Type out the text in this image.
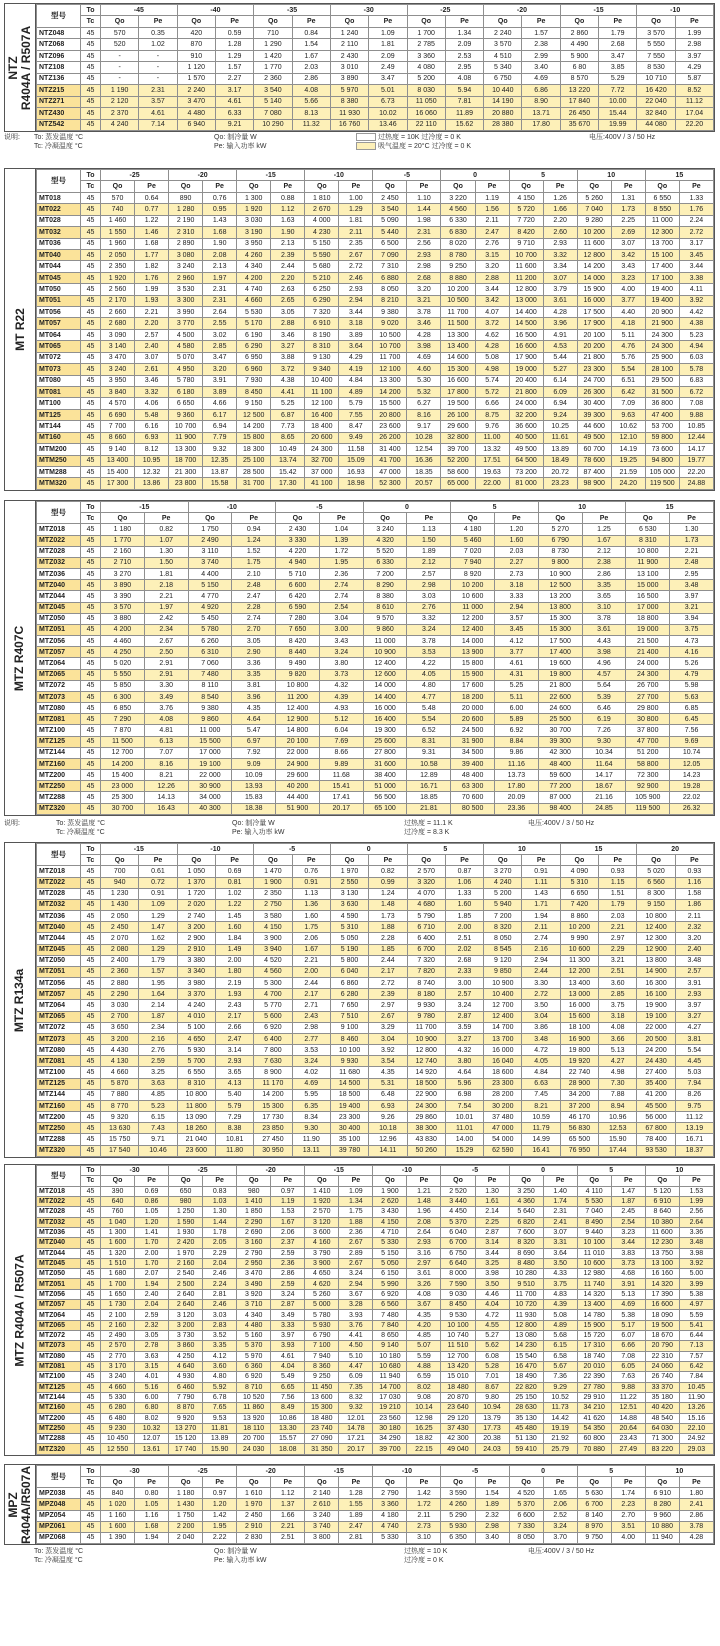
NTZ
R404A / R507A
型号	To	-45		-40		-35		-30		-25		-20		-15		-10	
	Tc	Qo	Pe	Qo	Pe	Qo	Pe	Qo	Pe	Qo	Pe	Qo	Pe	Qo	Pe	Qo	Pe
NTZ048	45	570	0.35	420	0.59	710	0.84	1 240	1.09	1 700	1.34	2 240	1.57	2 860	1.79	3 570	1.99
NTZ068	45	520	1.02	870	1.28	1 290	1.54	2 110	1.81	2 785	2.09	3 570	2.38	4 490	2.68	5 550	2.98
NTZ096	45	-	-	910	1.29	1 420	1.67	2 430	2.09	3 360	2.53	4 510	2.99	5 900	3.47	7 550	3.97
NTZ108	45	-	-	1 120	1.57	1 770	2.03	3 010	2.49	4 080	2.95	5 340	3.40	6 80	3.85	8 530	4.29
NTZ136	45	-	-	1 570	2.27	2 360	2.86	3 890	3.47	5 200	4.08	6 750	4.69	8 570	5.29	10 710	5.87
NTZ215	45	1 190	2.31	2 240	3.17	3 540	4.08	5 970	5.01	8 030	5.94	10 440	6.86	13 220	7.72	16 420	8.52
NTZ271	45	2 120	3.57	3 470	4.61	5 140	5.66	8 380	6.73	11 050	7.81	14 190	8.90	17 840	10.00	22 040	11.12
NTZ430	45	2 370	4.61	4 480	6.33	7 080	8.13	11 930	10.02	16 060	11.89	20 880	13.71	26 450	15.44	32 840	17.04
NTZ542	45	4 240	7.14	6 940	9.21	10 290	11.32	16 760	13.46	22 110	15.62	28 380	17.80	35 670	19.99	44 080	22.20
说明: To: 蒸发温度 °C
Tc: 冷凝温度 °C
Qo: 制冷量 W
Pe: 输入功率 kW
过热度 = 10K 过冷度 = 0 K
吸气温度 = 20°C 过冷度 = 0 K
电压:400V / 3 / 50 Hz
MT R22
型号	To	-25		-20		-15		-10		-5		0		5		10		15	
	Tc	Qo	Pe	Qo	Pe	Qo	Pe	Qo	Pe	Qo	Pe	Qo	Pe	Qo	Pe	Qo	Pe	Qo	Pe
MT018	45	570	0.64	890	0.76	1 300	0.88	1 810	1.00	2 450	1.10	3 220	1.19	4 150	1.26	5 260	1.31	6 550	1.33
MT022	45	740	0.77	1 280	0.95	1 920	1.12	2 670	1.29	3 540	1.44	4 560	1.56	5 720	1.66	7 040	1.73	8 550	1.76
MT028	45	1 460	1.22	2 190	1.43	3 030	1.63	4 000	1.81	5 090	1.98	6 330	2.11	7 720	2.20	9 280	2.25	11 000	2.24
MT032	45	1 550	1.46	2 310	1.68	3 190	1.90	4 230	2.11	5 440	2.31	6 830	2.47	8 420	2.60	10 200	2.69	12 300	2.72
MT036	45	1 960	1.68	2 890	1.90	3 950	2.13	5 150	2.35	6 500	2.56	8 020	2.76	9 710	2.93	11 600	3.07	13 700	3.17
MT040	45	2 050	1.77	3 080	2.08	4 260	2.39	5 590	2.67	7 090	2.93	8 780	3.15	10 700	3.32	12 800	3.42	15 100	3.45
MT044	45	2 350	1.82	3 240	2.13	4 340	2.44	5 680	2.72	7 310	2.98	9 250	3.20	11 600	3.34	14 200	3.43	17 400	3.44
MT045	45	1 920	1.76	2 960	1.97	4 200	2.20	5 210	2.46	6 880	2.68	8 880	2.88	11 200	3.07	14 000	3.23	17 100	3.38
MT050	45	2 560	1.99	3 530	2.31	4 740	2.63	6 250	2.93	8 050	3.20	10 200	3.44	12 800	3.79	15 900	4.00	19 400	4.11
MT051	45	2 170	1.93	3 300	2.31	4 660	2.65	6 290	2.94	8 210	3.21	10 500	3.42	13 000	3.61	16 000	3.77	19 400	3.92
MT056	45	2 660	2.21	3 990	2.64	5 530	3.05	7 320	3.44	9 380	3.78	11 700	4.07	14 400	4.28	17 500	4.40	20 900	4.42
MT057	45	2 680	2.20	3 770	2.55	5 170	2.88	6 910	3.18	9 020	3.46	11 500	3.72	14 500	3.96	17 900	4.18	21 900	4.38
MT064	45	3 090	2.57	4 500	3.02	6 190	3.46	8 190	3.89	10 500	4.28	13 300	4.62	16 500	4.91	20 100	5.11	24 300	5.23
MT065	45	3 140	2.40	4 580	2.85	6 290	3.27	8 310	3.64	10 700	3.98	13 400	4.28	16 600	4.53	20 200	4.76	24 300	4.94
MT072	45	3 470	3.07	5 070	3.47	6 950	3.88	9 130	4.29	11 700	4.69	14 600	5.08	17 900	5.44	21 800	5.76	25 900	6.03
MT073	45	3 240	2.61	4 950	3.20	6 960	3.72	9 340	4.19	12 100	4.60	15 300	4.98	19 000	5.27	23 300	5.54	28 100	5.78
MT080	45	3 950	3.46	5 780	3.91	7 930	4.38	10 400	4.84	13 300	5.30	16 600	5.74	20 400	6.14	24 700	6.51	29 500	6.83
MT081	45	3 840	3.32	6 180	3.89	8 450	4.41	11 100	4.89	14 200	5.32	17 800	5.72	21 800	6.09	26 300	6.42	31 500	6.72
MT100	45	4 570	4.06	6 650	4.66	9 150	5.25	12 100	5.79	15 500	6.27	19 500	6.66	24 000	6.94	30 400	7.09	36 800	7.08
MT125	45	6 690	5.48	9 360	6.17	12 500	6.87	16 400	7.55	20 800	8.16	26 100	8.75	32 200	9.24	39 300	9.63	47 400	9.88
MT144	45	7 700	6.16	10 700	6.94	14 200	7.73	18 400	8.47	23 600	9.17	29 600	9.76	36 600	10.25	44 600	10.62	53 700	10.85
MT160	45	8 660	6.93	11 900	7.79	15 800	8.65	20 600	9.49	26 200	10.28	32 800	11.00	40 500	11.61	49 500	12.10	59 800	12.44
MTM200	45	9 140	8.12	13 300	9.32	18 300	10.49	24 300	11.58	31 400	12.54	39 700	13.32	49 500	13.89	60 700	14.19	73 600	14.17
MTM250	45	13 400	10.95	18 700	12.35	25 100	13.74	32 700	15.09	41 700	16.36	52 200	17.51	64 500	18.49	78 600	19.25	94 800	19.77
MTM288	45	15 400	12.32	21 300	13.87	28 500	15.42	37 000	16.93	47 000	18.35	58 600	19.63	73 200	20.72	87 400	21.59	105 000	22.20
MTM320	45	17 300	13.86	23 800	15.58	31 700	17.30	41 100	18.98	52 300	20.57	65 000	22.00	81 000	23.23	98 900	24.20	119 500	24.88
MTZ R407C
型号	To	-15		-10		-5		0		5		10		15	
	Tc	Qo	Pe	Qo	Pe	Qo	Pe	Qo	Pe	Qo	Pe	Qo	Pe	Qo	Pe
MTZ018	45	1 180	0.82	1 750	0.94	2 430	1.04	3 240	1.13	4 180	1.20	5 270	1.25	6 530	1.30
MTZ022	45	1 770	1.07	2 490	1.24	3 330	1.39	4 320	1.50	5 460	1.60	6 790	1.67	8 310	1.73
MTZ028	45	2 160	1.30	3 110	1.52	4 220	1.72	5 520	1.89	7 020	2.03	8 730	2.12	10 800	2.21
MTZ032	45	2 710	1.50	3 740	1.75	4 940	1.95	6 330	2.12	7 940	2.27	9 800	2.38	11 900	2.48
MTZ036	45	3 270	1.81	4 400	2.10	5 710	2.36	7 200	2.57	8 920	2.73	10 900	2.86	13 100	2.95
MTZ040	45	3 890	2.18	5 150	2.48	6 600	2.74	8 290	2.98	10 200	3.18	12 500	3.35	15 000	3.48
MTZ044	45	3 390	2.21	4 770	2.47	6 420	2.74	8 380	3.03	10 600	3.33	13 200	3.65	16 500	3.97
MTZ045	45	3 570	1.97	4 920	2.28	6 590	2.54	8 610	2.76	11 000	2.94	13 800	3.10	17 000	3.21
MTZ050	45	3 880	2.42	5 450	2.74	7 280	3.04	9 570	3.32	12 200	3.57	15 300	3.78	18 800	3.94
MTZ051	45	4 200	2.34	5 780	2.70	7 650	3.00	9 860	3.24	12 400	3.45	15 300	3.61	19 000	3.75
MTZ056	45	4 460	2.67	6 260	3.05	8 420	3.43	11 000	3.78	14 000	4.12	17 500	4.43	21 500	4.73
MTZ057	45	4 250	2.50	6 310	2.90	8 440	3.24	10 900	3.53	13 900	3.77	17 400	3.98	21 400	4.16
MTZ064	45	5 020	2.91	7 060	3.36	9 490	3.80	12 400	4.22	15 800	4.61	19 600	4.96	24 000	5.26
MTZ065	45	5 550	2.91	7 480	3.35	9 820	3.73	12 600	4.05	15 900	4.31	19 800	4.57	24 300	4.79
MTZ072	45	5 850	3.30	8 110	3.81	10 800	4.32	14 000	4.80	17 600	5.25	21 800	5.64	26 700	5.98
MTZ073	45	6 300	3.49	8 540	3.96	11 200	4.39	14 400	4.77	18 200	5.11	22 600	5.39	27 700	5.63
MTZ080	45	6 850	3.76	9 380	4.35	12 400	4.93	16 000	5.48	20 000	6.00	24 600	6.46	29 800	6.85
MTZ081	45	7 290	4.08	9 860	4.64	12 900	5.12	16 400	5.54	20 600	5.89	25 500	6.19	30 800	6.45
MTZ100	45	7 870	4.81	11 000	5.47	14 800	6.04	19 300	6.52	24 500	6.92	30 700	7.26	37 800	7.56
MTZ125	45	11 500	6.13	15 500	6.97	20 100	7.69	25 600	8.31	31 900	8.84	39 300	9.30	47 700	9.69
MTZ144	45	12 700	7.07	17 000	7.92	22 000	8.66	27 800	9.31	34 500	9.86	42 300	10.34	51 200	10.74
MTZ160	45	14 200	8.16	19 100	9.09	24 900	9.89	31 600	10.58	39 400	11.16	48 400	11.64	58 800	12.05
MTZ200	45	15 400	8.21	22 000	10.09	29 600	11.68	38 400	12.89	48 400	13.73	59 600	14.17	72 300	14.23
MTZ250	45	23 000	12.26	30 900	13.93	40 200	15.41	51 000	16.71	63 300	17.80	77 200	18.67	92 900	19.28
MTZ288	45	25 300	14.13	34 000	15.83	44 400	17.41	56 500	18.85	70 600	20.09	87 000	21.16	105 900	22.02
MTZ320	45	30 700	16.43	40 300	18.38	51 900	20.17	65 100	21.81	80 500	23.36	98 400	24.85	119 500	26.32
说明:	To: 蒸发温度 °C
Tc: 冷凝温度 °C
Qo: 制冷量 W
Pe: 输入功率 kW
过热度 = 11.1 K
过冷度 = 8.3 K
电压:400V / 3 / 50 Hz
MTZ R134a
型号	To	-15		-10		-5		0		5		10		15		20	
	Tc	Qo	Pe	Qo	Pe	Qo	Pe	Qo	Pe	Qo	Pe	Qo	Pe	Qo	Pe	Qo	Pe
MTZ018	45	700	0.61	1 050	0.69	1 470	0.76	1 970	0.82	2 570	0.87	3 270	0.91	4 090	0.93	5 020	0.93
MTZ022	45	940	0.72	1 370	0.81	1 900	0.91	2 550	0.99	3 320	1.06	4 240	1.11	5 310	1.15	6 560	1.16
MTZ028	45	1 230	0.91	1 720	1.02	2 350	1.13	3 130	1.24	4 070	1.33	5 200	1.43	6 650	1.51	8 300	1.58
MTZ032	45	1 430	1.09	2 020	1.22	2 750	1.36	3 630	1.48	4 680	1.60	5 940	1.71	7 420	1.79	9 150	1.86
MTZ036	45	2 050	1.29	2 740	1.45	3 580	1.60	4 590	1.73	5 790	1.85	7 200	1.94	8 860	2.03	10 800	2.11
MTZ040	45	2 450	1.47	3 200	1.60	4 150	1.75	5 310	1.88	6 710	2.00	8 320	2.11	10 200	2.21	12 400	2.32
MTZ044	45	2 070	1.62	2 900	1.84	3 900	2.06	5 050	2.28	6 400	2.51	8 050	2.74	9 990	2.97	12 300	3.20
MTZ045	45	2 080	1.29	2 910	1.49	3 940	1.67	5 190	1.85	6 700	2.02	8 545	2.16	10 600	2.29	12 900	2.40
MTZ050	45	2 400	1.79	3 380	2.00	4 520	2.21	5 800	2.44	7 320	2.68	9 120	2.94	11 300	3.21	13 800	3.48
MTZ051	45	2 360	1.57	3 340	1.80	4 560	2.00	6 040	2.17	7 820	2.33	9 850	2.44	12 200	2.51	14 900	2.57
MTZ056	45	2 880	1.95	3 980	2.19	5 300	2.44	6 860	2.72	8 740	3.00	10 900	3.30	13 400	3.60	16 300	3.91
MTZ057	45	2 290	1.64	3 370	1.93	4 700	2.17	6 280	2.39	8 180	2.57	10 400	2.72	13 000	2.85	16 100	2.93
MTZ064	45	3 030	2.14	4 240	2.43	5 770	2.71	7 650	2.97	9 930	3.24	12 700	3.50	16 000	3.75	19 900	3.97
MTZ065	45	2 700	1.87	4 010	2.17	5 600	2.43	7 510	2.67	9 780	2.87	12 400	3.04	15 600	3.18	19 100	3.27
MTZ072	45	3 650	2.34	5 100	2.66	6 920	2.98	9 100	3.29	11 700	3.59	14 700	3.86	18 100	4.08	22 000	4.27
MTZ073	45	3 200	2.16	4 650	2.47	6 400	2.77	8 460	3.04	10 900	3.27	13 700	3.48	16 900	3.66	20 500	3.81
MTZ080	45	4 430	2.76	5 930	3.14	7 800	3.53	10 100	3.92	12 800	4.32	16 000	4.72	19 800	5.13	24 200	5.54
MTZ081	45	4 130	2.59	5 700	2.93	7 630	3.24	9 930	3.54	12 740	3.80	16 040	4.05	19 920	4.27	24 430	4.45
MTZ100	45	4 660	3.25	6 550	3.65	8 900	4.02	11 680	4.35	14 920	4.64	18 600	4.84	22 740	4.98	27 400	5.03
MTZ125	45	5 870	3.63	8 310	4.13	11 170	4.69	14 500	5.31	18 500	5.96	23 300	6.63	28 900	7.30	35 400	7.94
MTZ144	45	7 880	4.85	10 800	5.40	14 200	5.95	18 500	6.48	22 900	6.98	28 200	7.45	34 200	7.88	41 200	8.26
MTZ160	45	8 770	5.23	11 800	5.79	15 300	6.35	19 400	6.93	24 300	7.54	30 200	8.21	37 200	8.94	45 500	9.75
MTZ200	45	9 320	6.15	13 090	7.29	17 730	8.34	23 300	9.26	29 860	10.01	37 480	10.59	46 170	10.96	56 000	11.12
MTZ250	45	13 630	7.43	18 260	8.38	23 850	9.30	30 400	10.18	38 300	11.01	47 000	11.79	56 830	12.53	67 800	13.19
MTZ288	45	15 750	9.71	21 040	10.81	27 450	11.90	35 100	12.96	43 830	14.00	54 000	14.99	65 500	15.90	78 400	16.71
MTZ320	45	17 540	10.46	23 600	11.80	30 950	13.11	39 780	14.11	50 260	15.29	62 590	16.41	76 950	17.44	93 530	18.37
MTZ R404A / R507A
型号	To	-30		-25		-20		-15		-10		-5		0		5		10	
	Tc	Qo	Pe	Qo	Pe	Qo	Pe	Qo	Pe	Qo	Pe	Qo	Pe	Qo	Pe	Qo	Pe	Qo	Pe
MTZ018	45	390	0.69	650	0.83	980	0.97	1 410	1.09	1 900	1.21	2 520	1.30	3 250	1.40	4 110	1.47	5 120	1.53
MTZ022	45	640	0.86	980	1.03	1 410	1.19	1 920	1.34	2 620	1.48	3 440	1.61	4 360	1.74	5 530	1.87	6 910	1.99
MTZ028	45	760	1.05	1 250	1.30	1 850	1.53	2 570	1.75	3 430	1.96	4 450	2.14	5 640	2.31	7 040	2.45	8 640	2.56
MTZ032	45	1 040	1.20	1 590	1.44	2 290	1.67	3 120	1.88	4 150	2.08	5 370	2.25	6 820	2.41	8 490	2.54	10 380	2.64
MTZ036	45	1 300	1.41	1 930	1.78	2 690	2.06	3 600	2.36	4 710	2.64	6 040	2.87	7 600	3.07	9 440	3.23	11 600	3.36
MTZ040	45	1 600	1.70	2 420	2.05	3 160	2.37	4 160	2.67	5 330	2.93	6 700	3.14	8 320	3.31	10 100	3.44	12 230	3.48
MTZ044	45	1 320	2.00	1 970	2.29	2 790	2.59	3 790	2.89	5 150	3.16	6 750	3.44	8 690	3.64	11 010	3.83	13 750	3.98
MTZ045	45	1 510	1.70	2 160	2.04	2 950	2.36	3 900	2.67	5 050	2.97	6 640	3.25	8 480	3.50	10 600	3.73	13 100	3.92
MTZ050	45	1 680	2.07	2 540	2.46	3 470	2.86	4 650	3.24	6 150	3.61	8 000	3.98	10 280	4.33	12 980	4.68	16 160	5.00
MTZ051	45	1 700	1.94	2 500	2.24	3 490	2.59	4 620	2.94	5 990	3.26	7 590	3.50	9 510	3.75	11 740	3.91	14 320	3.99
MTZ056	45	1 650	2.40	2 640	2.81	3 920	3.24	5 260	3.67	6 920	4.08	9 030	4.46	11 700	4.83	14 320	5.13	17 390	5.38
MTZ057	45	1 730	2.04	2 640	2.46	3 710	2.87	5 000	3.28	6 560	3.67	8 450	4.04	10 720	4.39	13 400	4.69	16 600	4.97
MTZ064	45	2 100	2.59	3 120	3.03	4 340	3.49	5 780	3.93	7 480	4.35	9 530	4.72	11 930	5.08	14 780	5.38	18 090	5.59
MTZ065	45	2 160	2.32	3 200	2.83	4 480	3.33	5 930	3.76	7 840	4.20	10 100	4.55	12 800	4.89	15 900	5.17	19 500	5.41
MTZ072	45	2 490	3.05	3 730	3.52	5 160	3.97	6 790	4.41	8 650	4.85	10 740	5.27	13 080	5.68	15 720	6.07	18 670	6.44
MTZ073	45	2 570	2.78	3 860	3.35	5 370	3.93	7 100	4.50	9 140	5.07	11 510	5.62	14 230	6.15	17 310	6.66	20 790	7.13
MTZ080	45	2 770	3.63	4 250	4.12	5 970	4.61	7 940	5.10	10 180	5.59	12 700	6.08	15 540	6.58	18 740	7.08	22 310	7.57
MTZ081	45	3 170	3.15	4 640	3.60	6 360	4.04	8 360	4.47	10 680	4.88	13 420	5.28	16 470	5.67	20 010	6.05	24 060	6.42
MTZ100	45	3 240	4.01	4 930	4.80	6 920	5.49	9 250	6.09	11 940	6.59	15 010	7.01	18 490	7.36	22 390	7.63	26 740	7.84
MTZ125	45	4 660	5.16	6 460	5.92	8 710	6.65	11 450	7.35	14 700	8.02	18 480	8.67	22 820	9.29	27 780	9.88	33 370	10.45
MTZ144	45	5 330	6.00	7 790	6.78	10 520	7.56	13 600	8.32	17 030	9.08	20 870	9.80	25 150	10.52	29 910	11.22	35 180	11.90
MTZ160	45	6 280	6.80	8 870	7.65	11 860	8.49	15 300	9.32	19 210	10.14	23 640	10.94	28 630	11.73	34 210	12.51	40 420	13.26
MTZ200	45	6 480	8.02	9 920	9.53	13 920	10.86	18 480	12.01	23 560	12.98	29 120	13.79	35 130	14.42	41 620	14.88	48 540	15.16
MTZ250	45	9 230	10.32	13 270	11.81	18 110	13.30	23 740	14.78	30 180	16.25	37 430	17.73	45 480	19.19	54 350	20.64	64 030	22.10
MTZ288	45	10 450	12.07	15 120	13.89	20 700	15.57	27 090	17.21	34 290	18.82	42 300	20.38	51 130	21.92	60 800	23.43	71 300	24.92
MTZ320	45	12 550	13.61	17 740	15.90	24 030	18.08	31 350	20.17	39 700	22.15	49 040	24.03	59 410	25.79	70 880	27.49	83 220	29.03
MPZ
R404A/R507A 型号	To	-30		-25		-20		-15		-10		-5		0		5		10	
	Tc	Qo	Pe	Qo	Pe	Qo	Pe	Qo	Pe	Qo	Pe	Qo	Pe	Qo	Pe	Qo	Pe	Qo	Pe
MPZ038	45	840	0.80	1 180	0.97	1 610	1.12	2 140	1.28	2 790	1.42	3 590	1.54	4 520	1.65	5 630	1.74	6 910	1.80
MPZ048	45	1 020	1.05	1 430	1.20	1 970	1.37	2 610	1.55	3 360	1.72	4 260	1.89	5 370	2.06	6 700	2.23	8 280	2.41
MPZ054	45	1 160	1.16	1 750	1.42	2 450	1.66	3 240	1.89	4 180	2.11	5 290	2.32	6 600	2.52	8 140	2.70	9 960	2.86
MPZ061	45	1 600	1.68	2 200	1.95	2 910	2.21	3 740	2.47	4 740	2.73	5 930	2.98	7 330	3.24	8 970	3.51	10 880	3.78
MPZ068	45	1 390	1.94	2 040	2.22	2 830	2.51	3 800	2.81	5 330	3.10	6 350	3.40	8 050	3.70	9 750	4.00	11 940	4.28
To: 蒸发温度 °C
Tc: 冷凝温度 °C
Qo: 制冷量 W
Pe: 输入功率 kW
过热度 = 10 K
过冷度 = 0 K
电压:400V / 3 / 50 Hz
